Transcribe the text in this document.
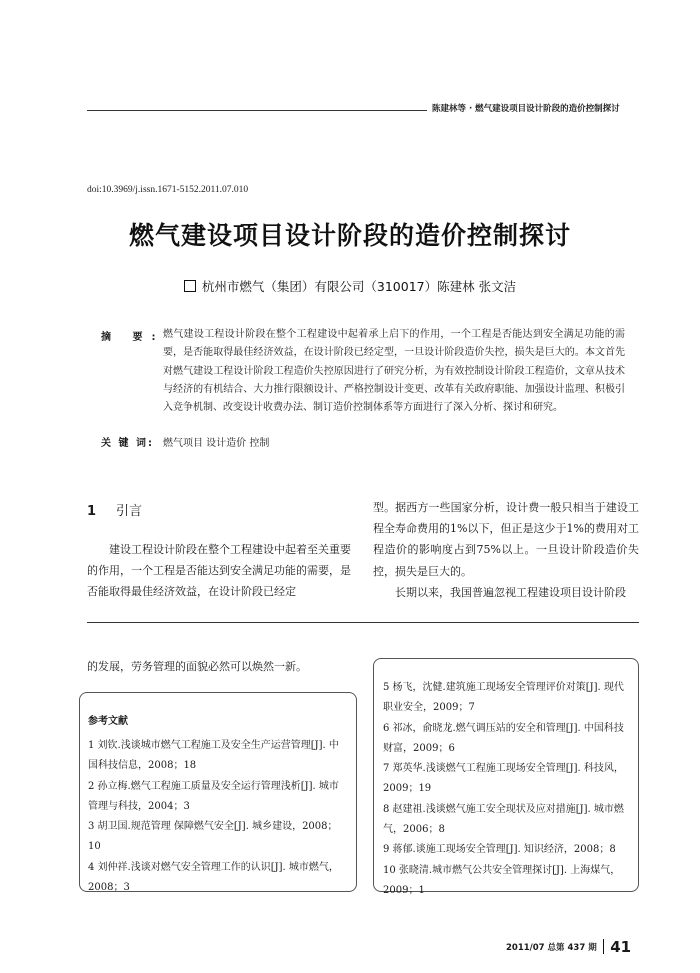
陈建林等 · 燃气建设项目设计阶段的造价控制探讨
doi:10.3969/j.issn.1671-5152.2011.07.010
燃气建设项目设计阶段的造价控制探讨
杭州市燃气（集团）有限公司（310017）陈建林 张文洁
摘 要:
燃气建设工程设计阶段在整个工程建设中起着承上启下的作用，一个工程是否能达到安全满足功能的需要，是否能取得最佳经济效益，在设计阶段已经定型，一旦设计阶段造价失控，损失是巨大的。本文首先对燃气建设工程设计阶段工程造价失控原因进行了研究分析，为有效控制设计阶段工程造价，文章从技术与经济的有机结合、大力推行限额设计、严格控制设计变更、改革有关政府职能、加强设计监理、积极引入竞争机制、改变设计收费办法、制订造价控制体系等方面进行了深入分析、探讨和研究。
关 键 词: 燃气项目 设计造价 控制
1 引言
建设工程设计阶段在整个工程建设中起着至关重要的作用，一个工程是否能达到安全满足功能的需要，是否能取得最佳经济效益，在设计阶段已经定

型。据西方一些国家分析，设计费一般只相当于建设工程全寿命费用的1%以下，但正是这少于1%的费用对工程造价的影响度占到75%以上。一旦设计阶段造价失控，损失是巨大的。

长期以来，我国普遍忽视工程建设项目设计阶段

的发展，劳务管理的面貌必然可以焕然一新。
参考文献
1 刘钦.浅谈城市燃气工程施工及安全生产运营管理[J]. 中国科技信息，2008；18
2 孙立梅.燃气工程施工质量及安全运行管理浅析[J]. 城市管理与科技，2004；3
3 胡卫国.规范管理 保障燃气安全[J]. 城乡建设，2008；10
4 刘仲祥.浅谈对燃气安全管理工作的认识[J]. 城市燃气，2008；3
5 杨飞，沈健.建筑施工现场安全管理评价对策[J]. 现代职业安全，2009；7
6 祁冰，俞晓龙.燃气调压站的安全和管理[J]. 中国科技财富，2009；6
7 郑英华.浅谈燃气工程施工现场安全管理[J]. 科技风，2009；19
8 赵建祖.浅谈燃气施工安全现状及应对措施[J]. 城市燃气，2006；8
9 蒋郁.谈施工现场安全管理[J]. 知识经济，2008；8
10 张晓清.城市燃气公共安全管理探讨[J]. 上海煤气，2009；1
2011/07 总第 437 期 41
